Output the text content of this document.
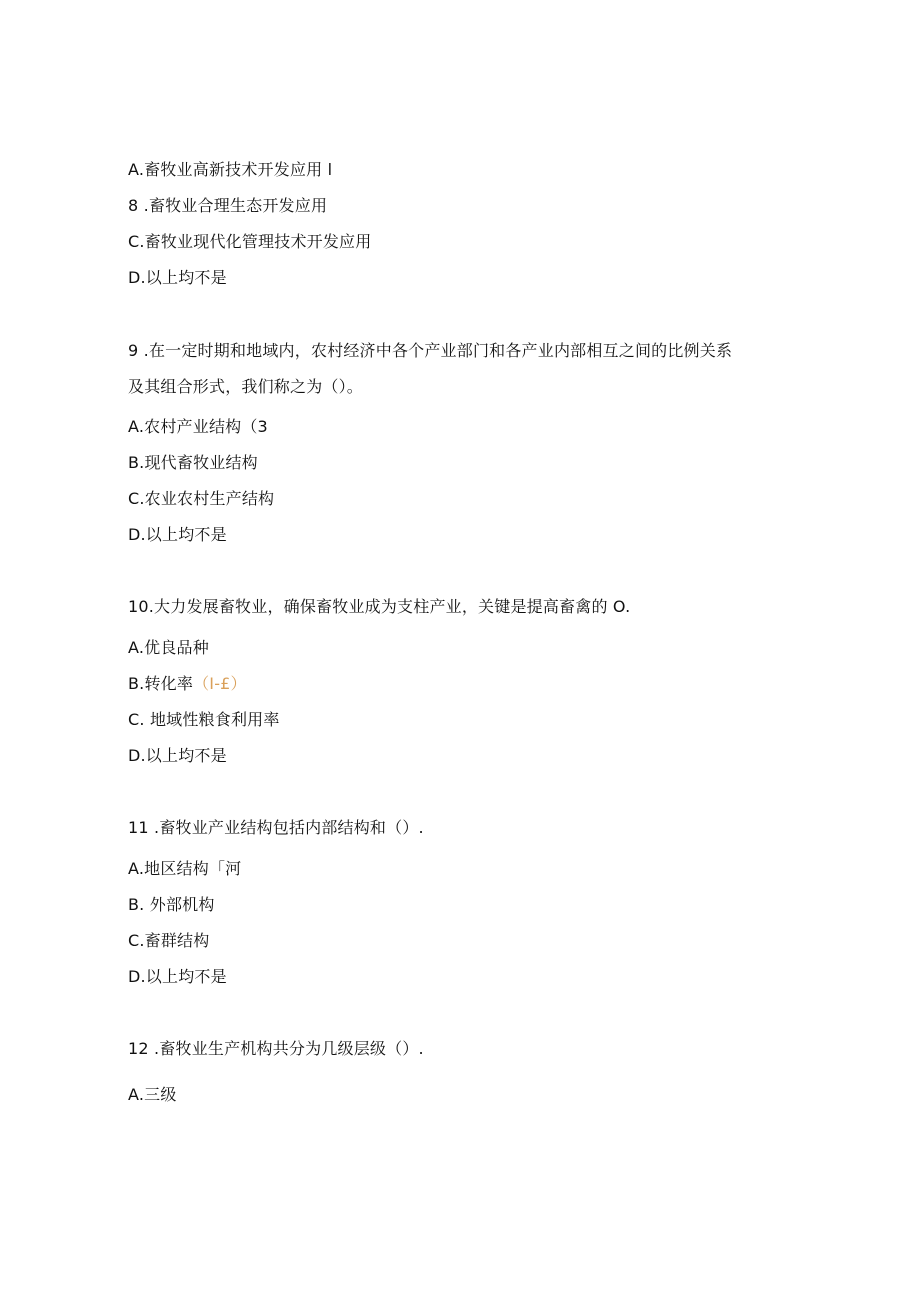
A.畜牧业高新技术开发应用 l
8 .畜牧业合理生态开发应用
C.畜牧业现代化管理技术开发应用
D.以上均不是
9 .在一定时期和地域内，农村经济中各个产业部门和各产业内部相互之间的比例关系
及其组合形式，我们称之为（）。
A.农村产业结构（3
B.现代畜牧业结构
C.农业农村生产结构
D.以上均不是
10.大力发展畜牧业，确保畜牧业成为支柱产业，关键是提高畜禽的 O.
A.优良品种
B.转化率（I-£）
C. 地域性粮食利用率
D.以上均不是
11 .畜牧业产业结构包括内部结构和（）.
A.地区结构「河
B. 外部机构
C.畜群结构
D.以上均不是
12 .畜牧业生产机构共分为几级层级（）.
A.三级
